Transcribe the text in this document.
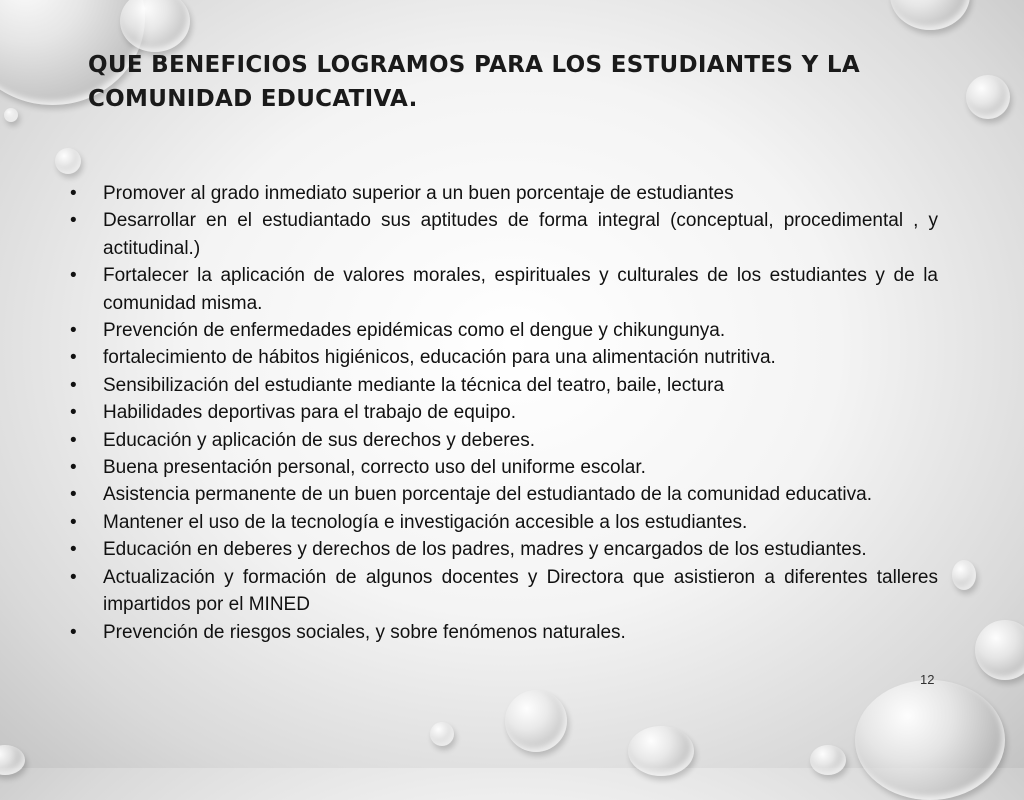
QUE BENEFICIOS LOGRAMOS PARA LOS ESTUDIANTES Y LA COMUNIDAD EDUCATIVA.
• Promover al grado inmediato superior a un buen porcentaje de estudiantes
• Desarrollar en el estudiantado sus aptitudes de forma integral (conceptual, procedimental , y actitudinal.)
• Fortalecer la aplicación de valores morales, espirituales y culturales de los estudiantes y de la comunidad misma.
• Prevención de enfermedades epidémicas como el dengue y chikungunya.
• fortalecimiento de hábitos higiénicos, educación para una alimentación nutritiva.
• Sensibilización del estudiante mediante la técnica del teatro, baile, lectura
• Habilidades deportivas para el trabajo de equipo.
• Educación y aplicación de sus derechos y deberes.
• Buena presentación personal, correcto uso del uniforme escolar.
• Asistencia permanente de un buen porcentaje del estudiantado de la comunidad educativa.
• Mantener el uso de la tecnología e investigación accesible a los estudiantes.
• Educación en deberes y derechos de los padres, madres y encargados de los estudiantes.
• Actualización y formación de algunos docentes y Directora que asistieron a diferentes talleres impartidos por el MINED
• Prevención de riesgos sociales, y sobre fenómenos naturales.
12
